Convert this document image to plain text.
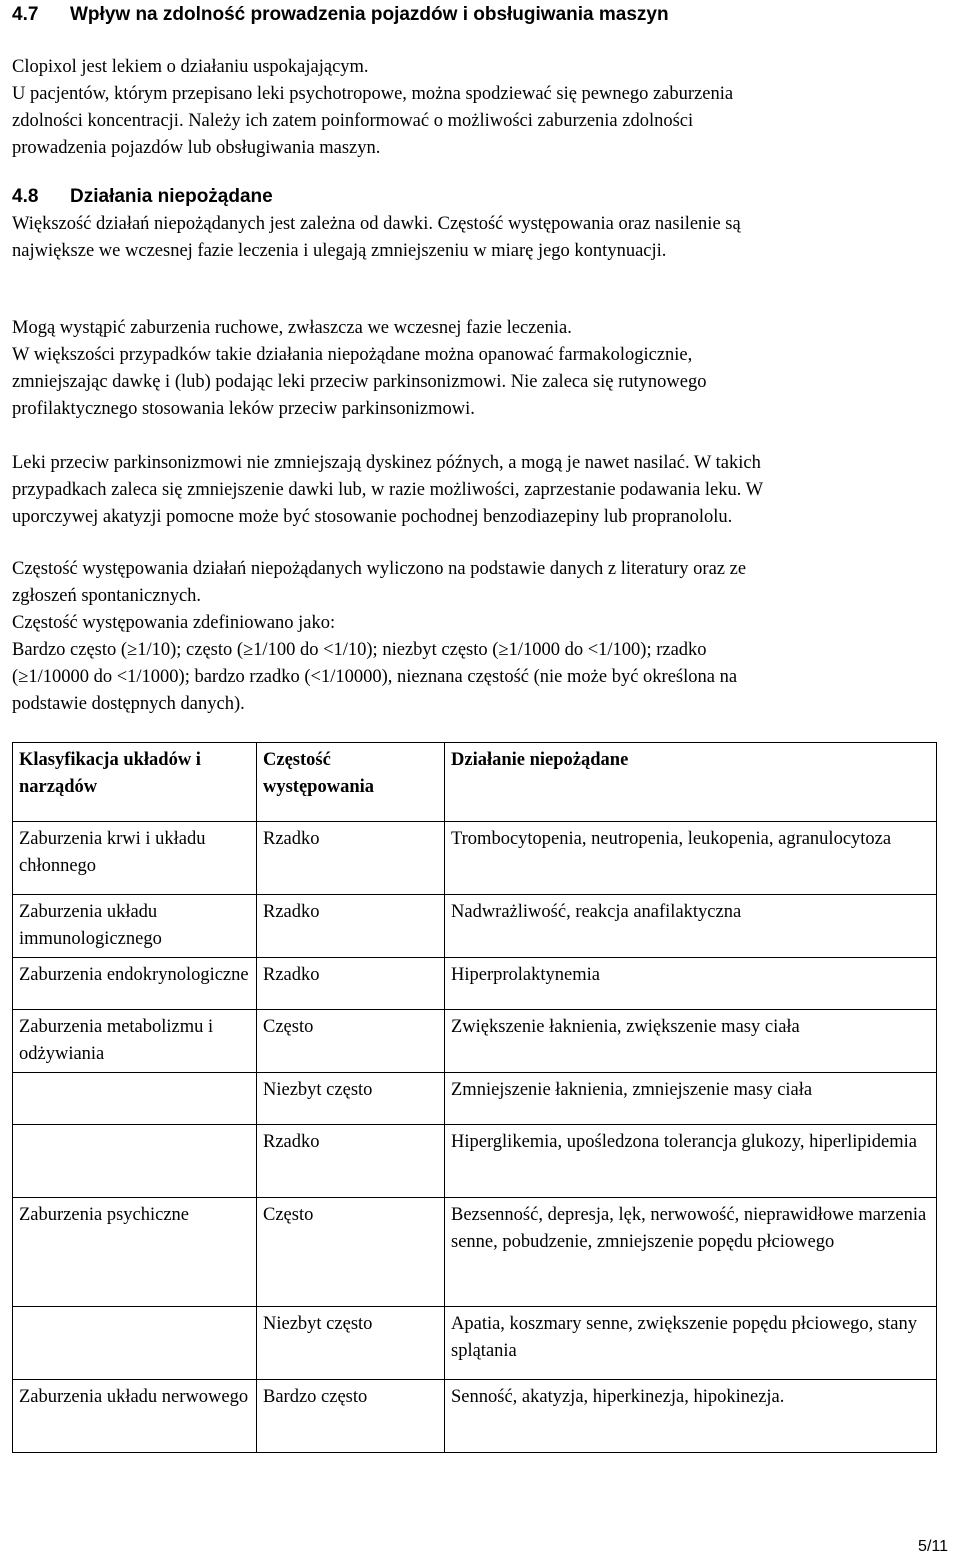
4.7	Wpływ na zdolność prowadzenia pojazdów i obsługiwania maszyn

Clopixol jest lekiem o działaniu uspokajającym.
U pacjentów, którym przepisano leki psychotropowe, można spodziewać się pewnego zaburzenia
zdolności koncentracji. Należy ich zatem poinformować o możliwości zaburzenia zdolności
prowadzenia pojazdów lub obsługiwania maszyn.

4.8	Działania niepożądane

Większość działań niepożądanych jest zależna od dawki. Częstość występowania oraz nasilenie są
największe we wczesnej fazie leczenia i ulegają zmniejszeniu w miarę jego kontynuacji.

Mogą wystąpić zaburzenia ruchowe, zwłaszcza we wczesnej fazie leczenia.
W większości przypadków takie działania niepożądane można opanować farmakologicznie,
zmniejszając dawkę i (lub) podając leki przeciw parkinsonizmowi. Nie zaleca się rutynowego
profilaktycznego stosowania leków przeciw parkinsonizmowi.

Leki przeciw parkinsonizmowi nie zmniejszają dyskinez późnych, a mogą je nawet nasilać. W takich
przypadkach zaleca się zmniejszenie dawki lub, w razie możliwości, zaprzestanie podawania leku. W
uporczywej akatyzji pomocne może być stosowanie pochodnej benzodiazepiny lub propranololu.

Częstość występowania działań niepożądanych wyliczono na podstawie danych z literatury oraz ze
zgłoszeń spontanicznych.
Częstość występowania zdefiniowano jako:
Bardzo często (≥1/10); często (≥1/100 do <1/10); niezbyt często (≥1/1000 do <1/100); rzadko
(≥1/10000 do <1/1000); bardzo rzadko (<1/10000), nieznana częstość (nie może być określona na
podstawie dostępnych danych).

Klasyfikacja układów i narządów	Częstość występowania	Działanie niepożądane
Zaburzenia krwi i układu chłonnego	Rzadko	Trombocytopenia, neutropenia, leukopenia, agranulocytoza
Zaburzenia układu immunologicznego	Rzadko	Nadwrażliwość, reakcja anafilaktyczna
Zaburzenia endokrynologiczne	Rzadko	Hiperprolaktynemia
Zaburzenia metabolizmu i odżywiania	Często	Zwiększenie łaknienia, zwiększenie masy ciała
	Niezbyt często	Zmniejszenie łaknienia, zmniejszenie masy ciała
	Rzadko	Hiperglikemia, upośledzona tolerancja glukozy, hiperlipidemia
Zaburzenia psychiczne	Często	Bezsenność, depresja, lęk, nerwowość, nieprawidłowe marzenia senne, pobudzenie, zmniejszenie popędu płciowego
	Niezbyt często	Apatia, koszmary senne, zwiększenie popędu płciowego, stany splątania
Zaburzenia układu nerwowego	Bardzo często	Senność, akatyzja, hiperkinezja, hipokinezja.
5/11
